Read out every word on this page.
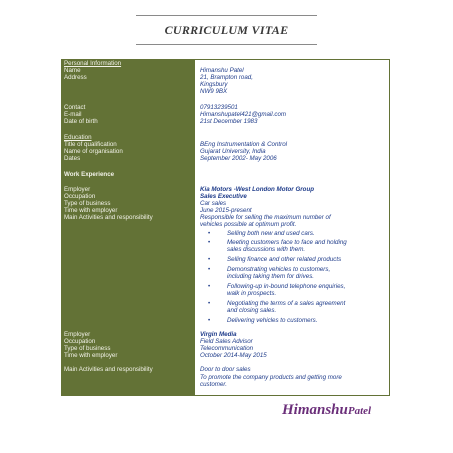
CURRICULUM VITAE
Personal Information
Name	Himanshu Patel
Address	21, Brampton road,
Kingsbury
NW9 9BX
Contact	07913239501
E-mail	Himanshupatel421@gmail.com
Date of birth	21st December 1983
Education
Title of qualification	BEng Instrumentation & Control
Name of organisation	Gujarat University, India
Dates	September 2002- May 2006
Work Experience
Employer	Kia Motors -West London Motor Group
Occupation	Sales Executive
Type of business	Car sales
Time with employer	June 2015-present
Main Activities and responsibility	Responsible for selling the maximum number of
vehicles possible at optimum profit.
•	Selling both new and used cars.
•	Meeting customers face to face and holding
sales discussions with them.
•	Selling finance and other related products
•	Demonstrating vehicles to customers,
including taking them for drives.
•	Following-up in-bound telephone enquiries,
walk in prospects.
•	Negotiating the terms of a sales agreement
and closing sales.
•	Delivering vehicles to customers.
Employer	Virgin Media
Occupation	Field Sales Advisor
Type of business	Telecommunication
Time with employer	October 2014-May 2015
Main Activities and responsibility	Door to door sales
To promote the company products and getting more
customer.
HimanshuPatel
